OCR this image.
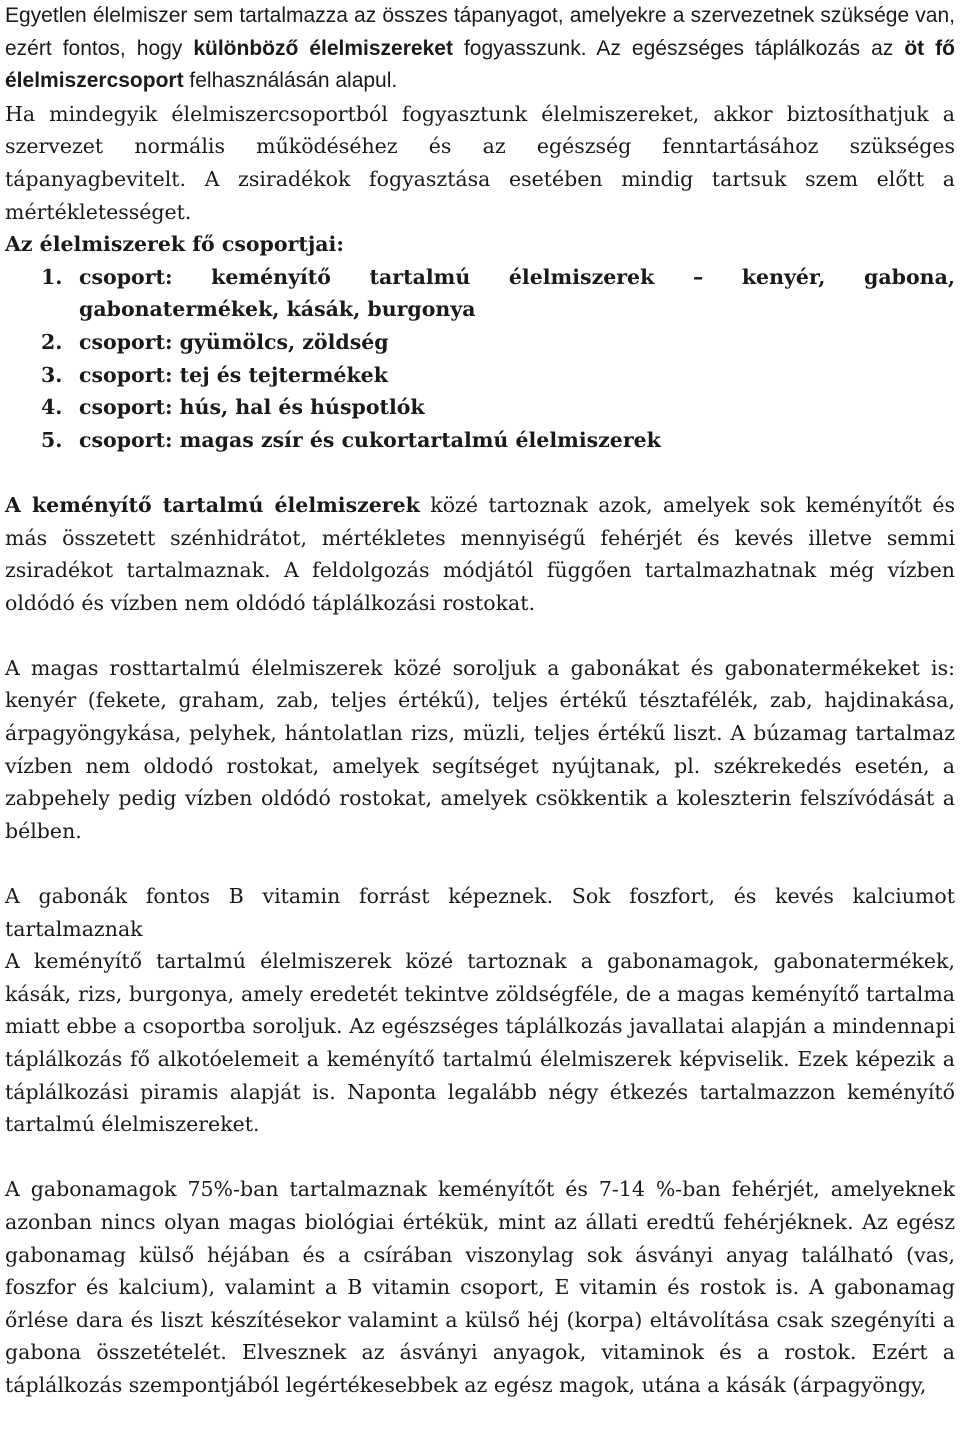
Egyetlen élelmiszer sem tartalmazza az összes tápanyagot, amelyekre a szervezetnek szüksége van, ezért fontos, hogy különböző élelmiszereket fogyasszunk. Az egészséges táplálkozás az öt fő élelmiszercsoport felhasználásán alapul.

Ha mindegyik élelmiszercsoportból fogyasztunk élelmiszereket, akkor biztosíthatjuk a szervezet normális működéséhez és az egészség fenntartásához szükséges tápanyagbevitelt. A zsiradékok fogyasztása esetében mindig tartsuk szem előtt a mértékletességet.

Az élelmiszerek fő csoportjai:

1. csoport: keményítő tartalmú élelmiszerek – kenyér, gabona, gabonatermékek, kásák, burgonya
2. csoport: gyümölcs, zöldség
3. csoport: tej és tejtermékek
4. csoport: hús, hal és húspotlók
5. csoport: magas zsír és cukortartalmú élelmiszerek

A keményítő tartalmú élelmiszerek közé tartoznak azok, amelyek sok keményítőt és más összetett szénhidrátot, mértékletes mennyiségű fehérjét és kevés illetve semmi zsiradékot tartalmaznak. A feldolgozás módjától függően tartalmazhatnak még vízben oldódó és vízben nem oldódó táplálkozási rostokat.

A magas rosttartalmú élelmiszerek közé soroljuk a gabonákat és gabonatermékeket is: kenyér (fekete, graham, zab, teljes értékű), teljes értékű tésztafélék, zab, hajdinakása, árpagyöngykása, pelyhek, hántolatlan rizs, müzli, teljes értékű liszt. A búzamag tartalmaz vízben nem oldodó rostokat, amelyek segítséget nyújtanak, pl. székrekedés esetén, a zabpehely pedig vízben oldódó rostokat, amelyek csökkentik a koleszterin felszívódását a bélben.

A gabonák fontos B vitamin forrást képeznek. Sok foszfort, és kevés kalciumot tartalmaznak

A keményítő tartalmú élelmiszerek közé tartoznak a gabonamagok, gabonatermékek, kásák, rizs, burgonya, amely eredetét tekintve zöldségféle, de a magas keményítő tartalma miatt ebbe a csoportba soroljuk. Az egészséges táplálkozás javallatai alapján a mindennapi táplálkozás fő alkotóelemeit a keményítő tartalmú élelmiszerek képviselik. Ezek képezik a táplálkozási piramis alapját is. Naponta legalább négy étkezés tartalmazzon keményítő tartalmú élelmiszereket.

A gabonamagok 75%-ban tartalmaznak keményítőt és 7-14 %-ban fehérjét, amelyeknek azonban nincs olyan magas biológiai értékük, mint az állati eredtű fehérjéknek. Az egész gabonamag külső héjában és a csírában viszonylag sok ásványi anyag található (vas, foszfor és kalcium), valamint a B vitamin csoport, E vitamin és rostok is. A gabonamag őrlése dara és liszt készítésekor valamint a külső héj (korpa) eltávolítása csak szegényíti a gabona összetételét. Elvesznek az ásványi anyagok, vitaminok és a rostok. Ezért a táplálkozás szempontjából legértékesebbek az egész magok, utána a kásák (árpagyöngy,
